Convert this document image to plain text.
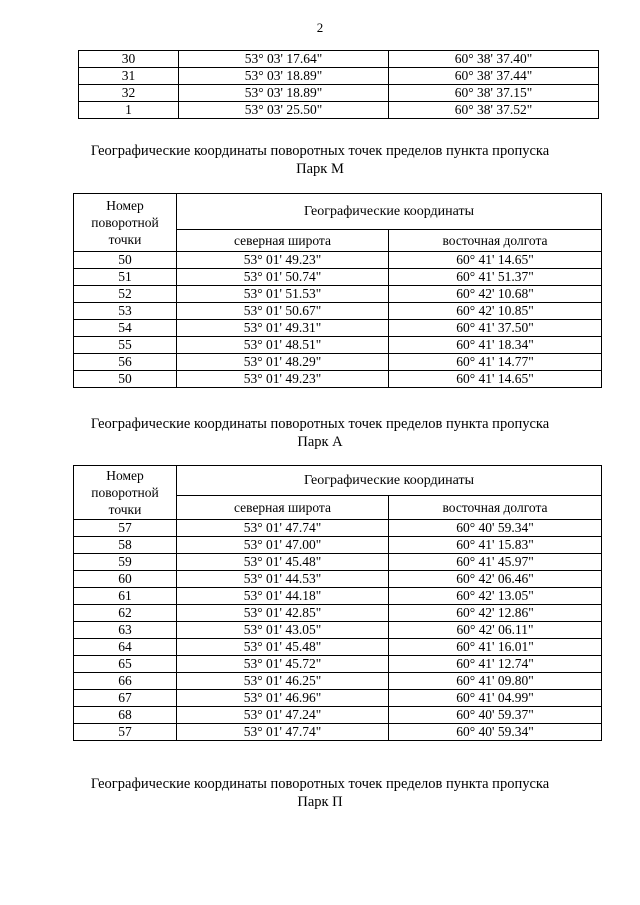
2
30	53° 03' 17.64"	60° 38' 37.40"
31	53° 03' 18.89"	60° 38' 37.44"
32	53° 03' 18.89"	60° 38' 37.15"
1	53° 03' 25.50"	60° 38' 37.52"
Географические координаты поворотных точек пределов пункта пропуска
Парк М
Номер поворотной точки	Географические координаты	
	северная широта	восточная долгота
50	53° 01' 49.23"	60° 41' 14.65"
51	53° 01' 50.74"	60° 41' 51.37"
52	53° 01' 51.53"	60° 42' 10.68"
53	53° 01' 50.67"	60° 42' 10.85"
54	53° 01' 49.31"	60° 41' 37.50"
55	53° 01' 48.51"	60° 41' 18.34"
56	53° 01' 48.29"	60° 41' 14.77"
50	53° 01' 49.23"	60° 41' 14.65"
Географические координаты поворотных точек пределов пункта пропуска
Парк А
Номер поворотной точки	Географические координаты	
	северная широта	восточная долгота
57	53° 01' 47.74"	60° 40' 59.34"
58	53° 01' 47.00"	60° 41' 15.83"
59	53° 01' 45.48"	60° 41' 45.97"
60	53° 01' 44.53"	60° 42' 06.46"
61	53° 01' 44.18"	60° 42' 13.05"
62	53° 01' 42.85"	60° 42' 12.86"
63	53° 01' 43.05"	60° 42' 06.11"
64	53° 01' 45.48"	60° 41' 16.01"
65	53° 01' 45.72"	60° 41' 12.74"
66	53° 01' 46.25"	60° 41' 09.80"
67	53° 01' 46.96"	60° 41' 04.99"
68	53° 01' 47.24"	60° 40' 59.37"
57	53° 01' 47.74"	60° 40' 59.34"
Географические координаты поворотных точек пределов пункта пропуска
Парк П
